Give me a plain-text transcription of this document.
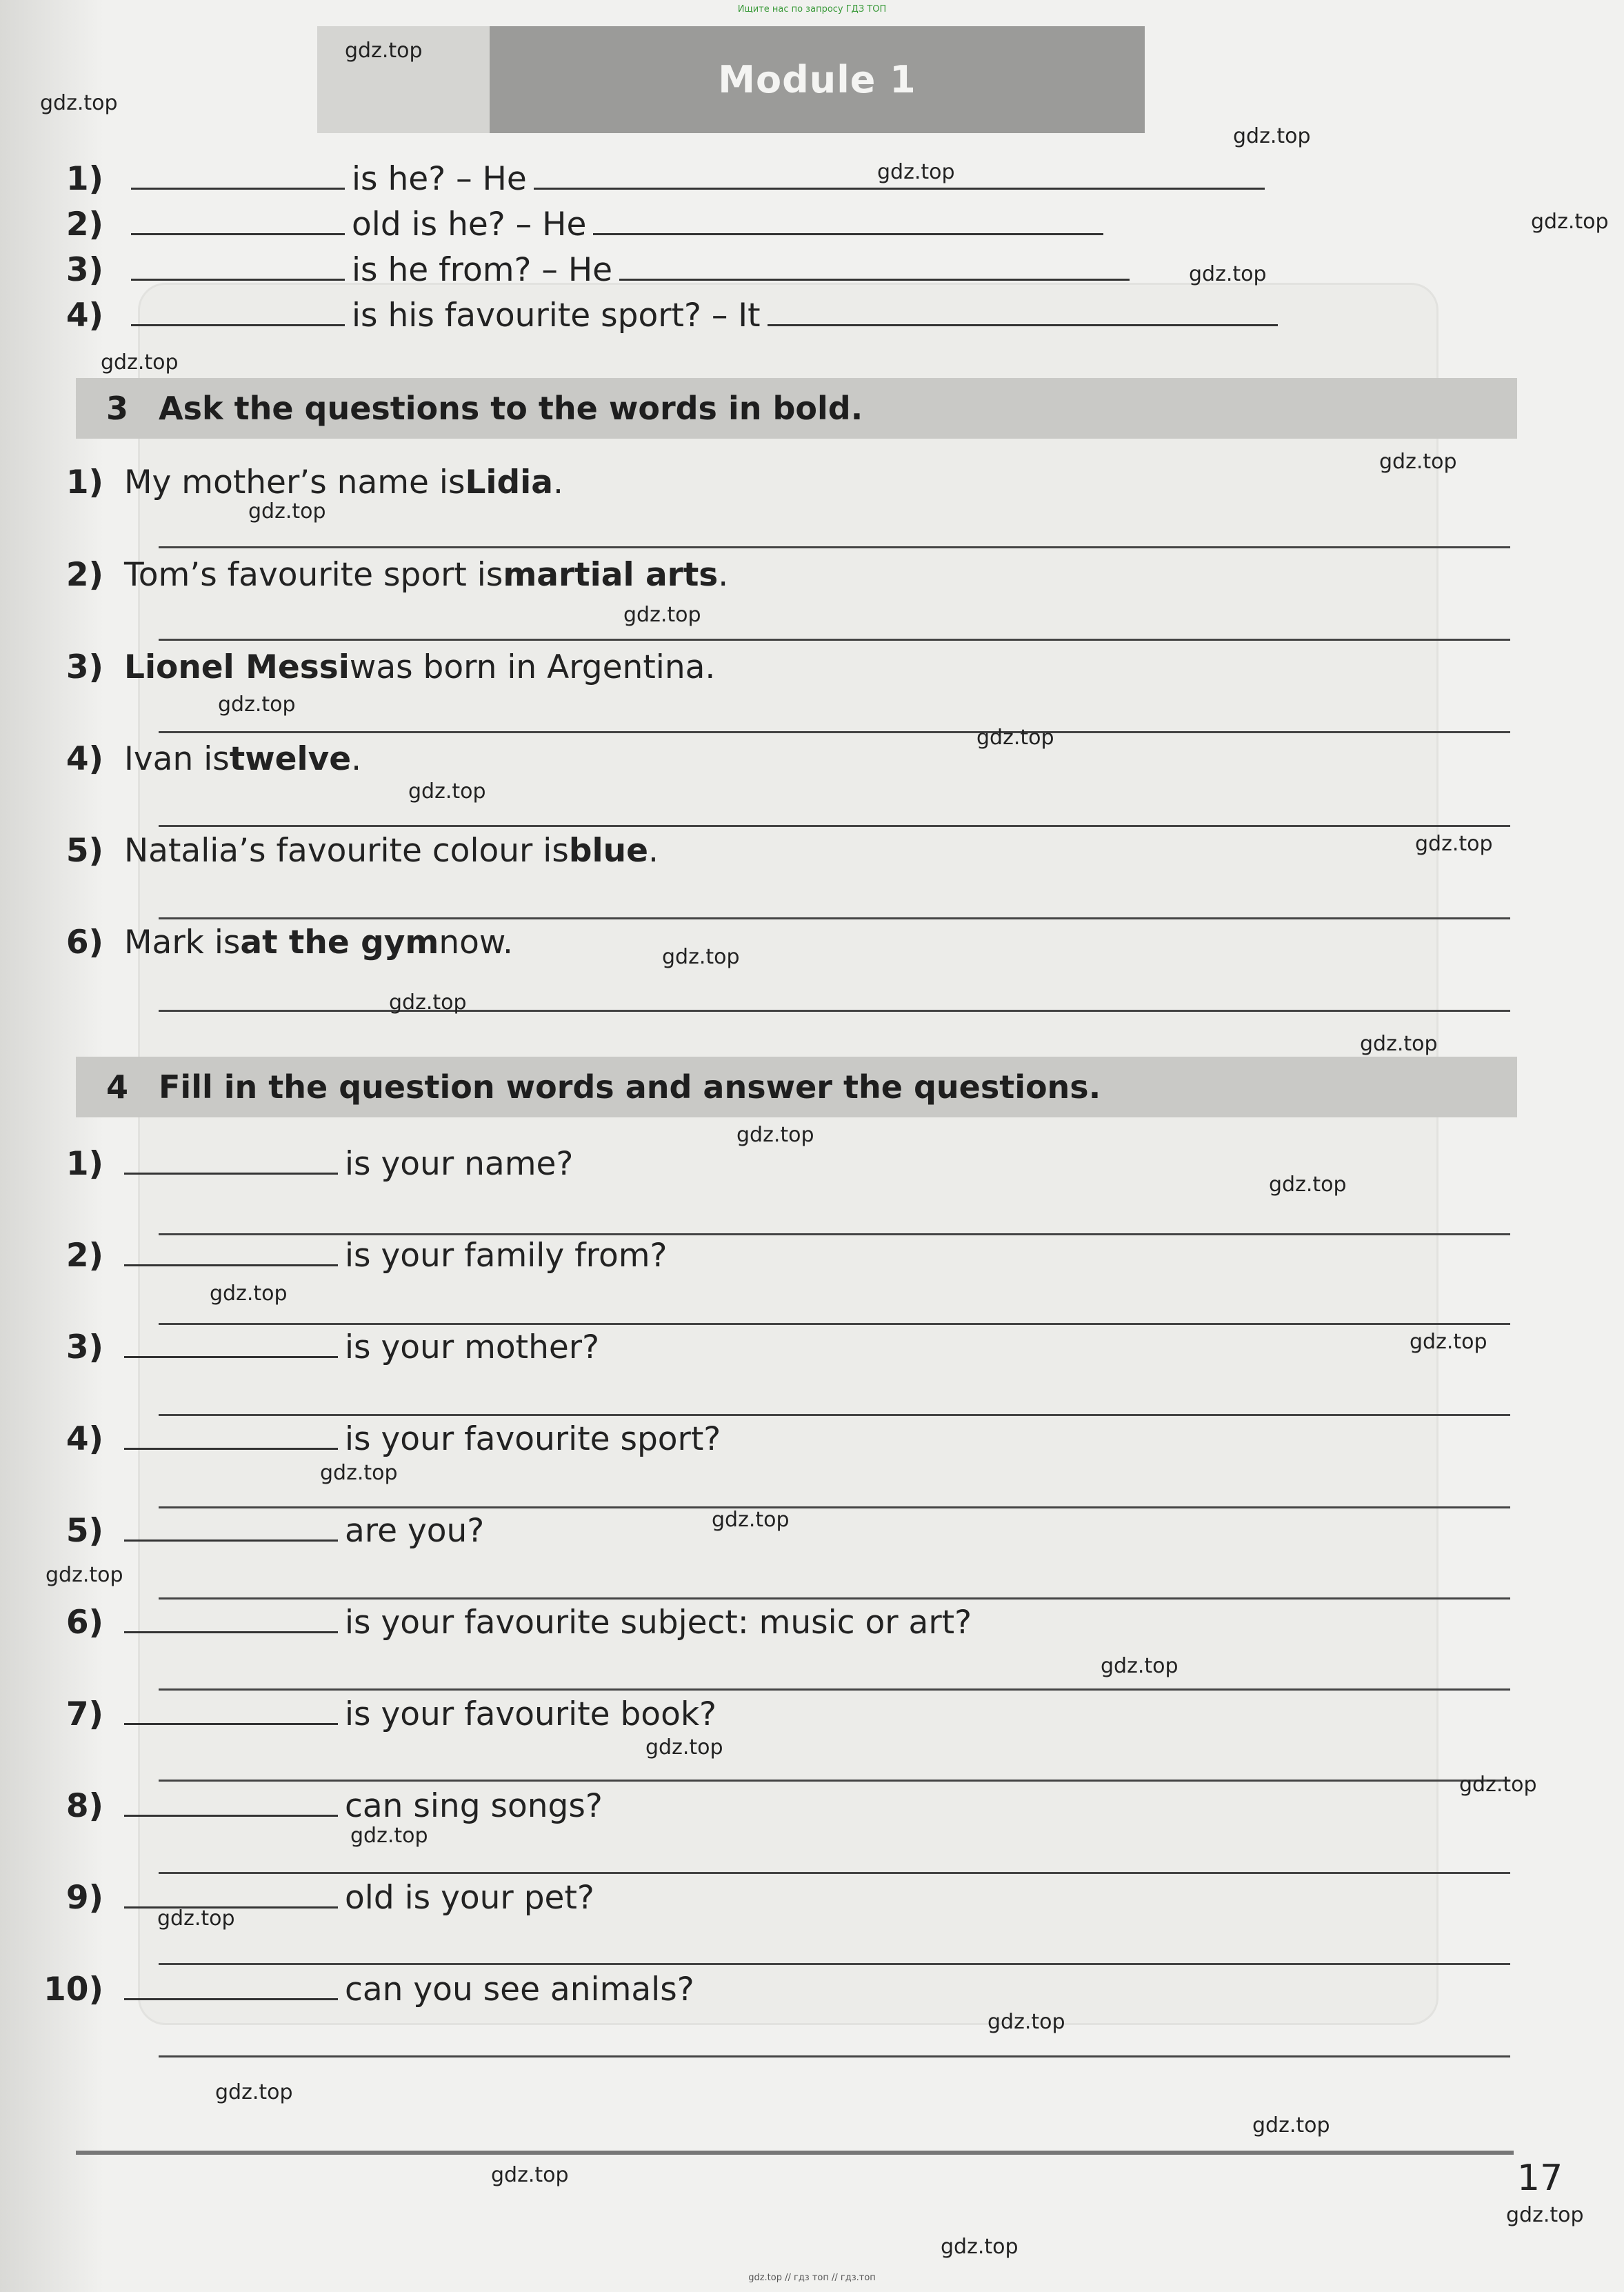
Ищите нас по запросу ГДЗ ТОП
Module 1
1)	is he? – He
2)	old is he? – He
3)	is he from? – He
4)	is his favourite sport? – It
3 Ask the questions to the words in bold.
1) My mother’s name is Lidia .
2) Tom’s favourite sport is martial arts .
3) Lionel Messi was born in Argentina.
4) Ivan is twelve .
5) Natalia’s favourite colour is blue .
6) Mark is at the gym now.
4 Fill in the question words and answer the questions.
1)	is your name?
2)	is your family from?
3)	is your mother?
4)	is your favourite sport?
5)	are you?
6)	is your favourite subject: music or art?
7)	is your favourite book?
8)	can sing songs?
9)	old is your pet?
10)	can you see animals?
17
gdz.top // гдз топ // гдз.топ
gdz.top
gdz.top
gdz.top
gdz.top
gdz.top
gdz.top
gdz.top
gdz.top
gdz.top
gdz.top
gdz.top
gdz.top
gdz.top
gdz.top
gdz.top
gdz.top
gdz.top
gdz.top
gdz.top
gdz.top
gdz.top
gdz.top
gdz.top
gdz.top
gdz.top
gdz.top
gdz.top
gdz.top
gdz.top
gdz.top
gdz.top
gdz.top
gdz.top
gdz.top
gdz.top
